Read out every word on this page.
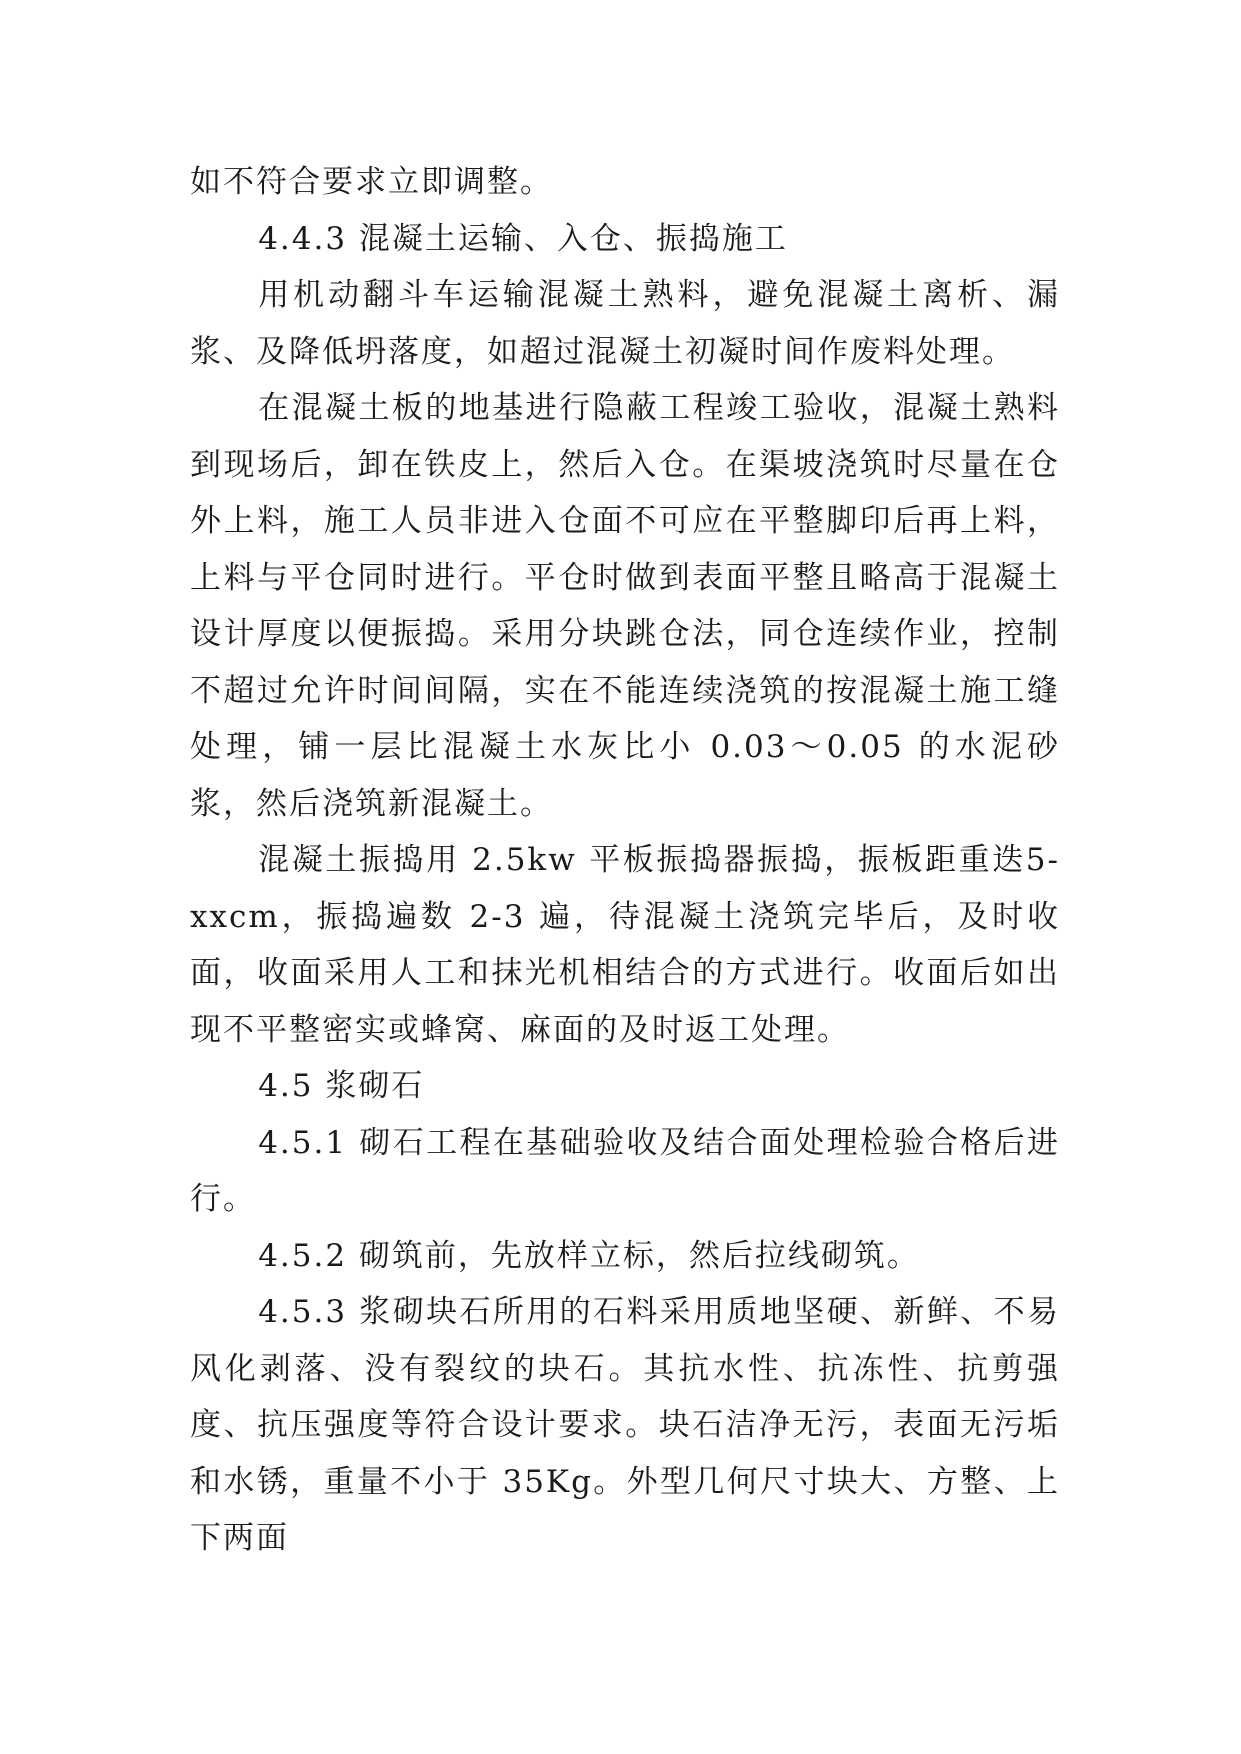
如不符合要求立即调整。

4.4.3 混凝土运输、入仓、振捣施工

用机动翻斗车运输混凝土熟料，避免混凝土离析、漏浆、及降低坍落度，如超过混凝土初凝时间作废料处理。

在混凝土板的地基进行隐蔽工程竣工验收，混凝土熟料到现场后，卸在铁皮上，然后入仓。在渠坡浇筑时尽量在仓外上料，施工人员非进入仓面不可应在平整脚印后再上料，上料与平仓同时进行。平仓时做到表面平整且略高于混凝土设计厚度以便振捣。采用分块跳仓法，同仓连续作业，控制不超过允许时间间隔，实在不能连续浇筑的按混凝土施工缝处理，铺一层比混凝土水灰比小 0.03～0.05 的水泥砂浆，然后浇筑新混凝土。

混凝土振捣用 2.5kw 平板振捣器振捣，振板距重迭5-xxcm，振捣遍数 2-3 遍，待混凝土浇筑完毕后，及时收面，收面采用人工和抹光机相结合的方式进行。收面后如出现不平整密实或蜂窝、麻面的及时返工处理。

4.5 浆砌石

4.5.1 砌石工程在基础验收及结合面处理检验合格后进行。

4.5.2 砌筑前，先放样立标，然后拉线砌筑。

4.5.3 浆砌块石所用的石料采用质地坚硬、新鲜、不易风化剥落、没有裂纹的块石。其抗水性、抗冻性、抗剪强度、抗压强度等符合设计要求。块石洁净无污，表面无污垢和水锈，重量不小于 35Kg。外型几何尺寸块大、方整、上下两面
